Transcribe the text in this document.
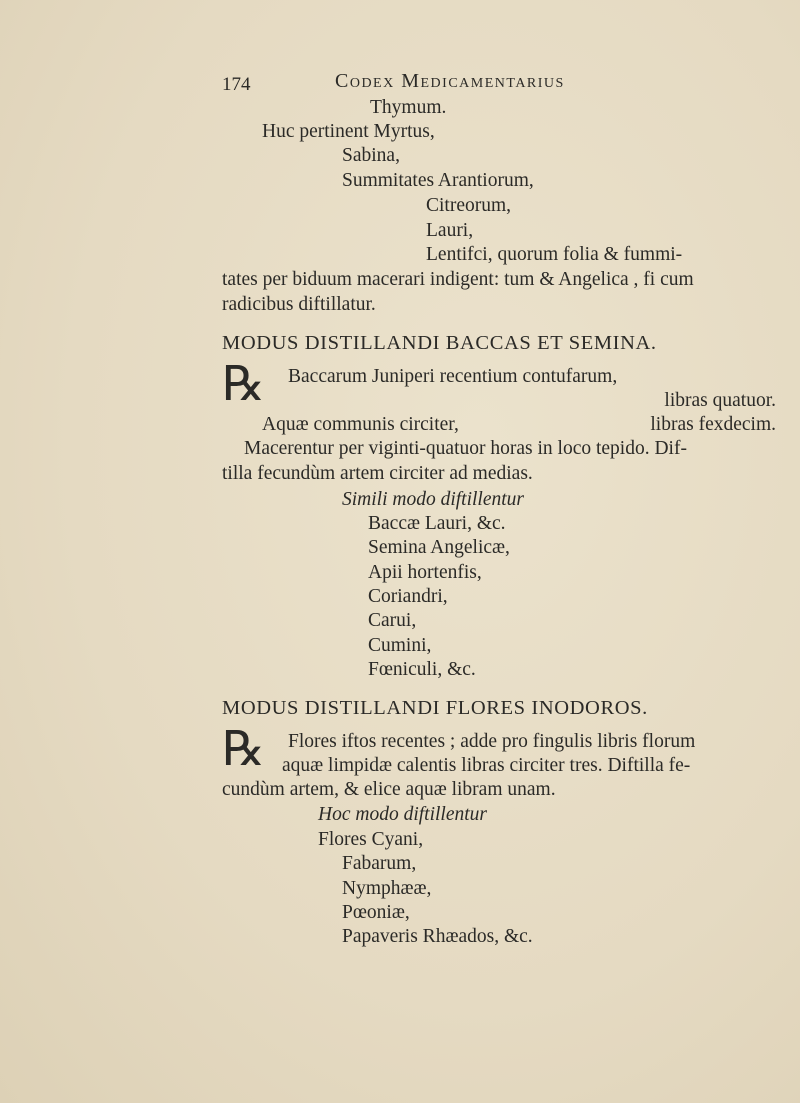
174	Codex Medicamentarius
Thymum.
Huc pertinent Myrtus,
Sabina,
Summitates Arantiorum,
Citreorum,
Lauri,
Lentifci, quorum folia & fummi-
tates per biduum macerari indigent: tum & Angelica , fi cum
radicibus diftillatur.
MODUS DISTILLANDI BACCAS ET SEMINA.
℞ Baccarum Juniperi recentium contufarum,
libras quatuor.
Aquæ communis circiter,	libras fexdecim.
Macerentur per viginti-quatuor horas in loco tepido. Dif-
tilla fecundùm artem circiter ad medias.
Simili modo diftillentur
Baccæ Lauri, &c.
Semina Angelicæ,
Apii hortenfis,
Coriandri,
Carui,
Cumini,
Fœniculi, &c.
MODUS DISTILLANDI FLORES INODOROS.
℞ Flores iftos recentes ; adde pro fingulis libris florum
aquæ limpidæ calentis libras circiter tres. Diftilla fe-
cundùm artem, & elice aquæ libram unam.
Hoc modo diftillentur
Flores Cyani,
Fabarum,
Nymphææ,
Pœoniæ,
Papaveris Rhæados, &c.
